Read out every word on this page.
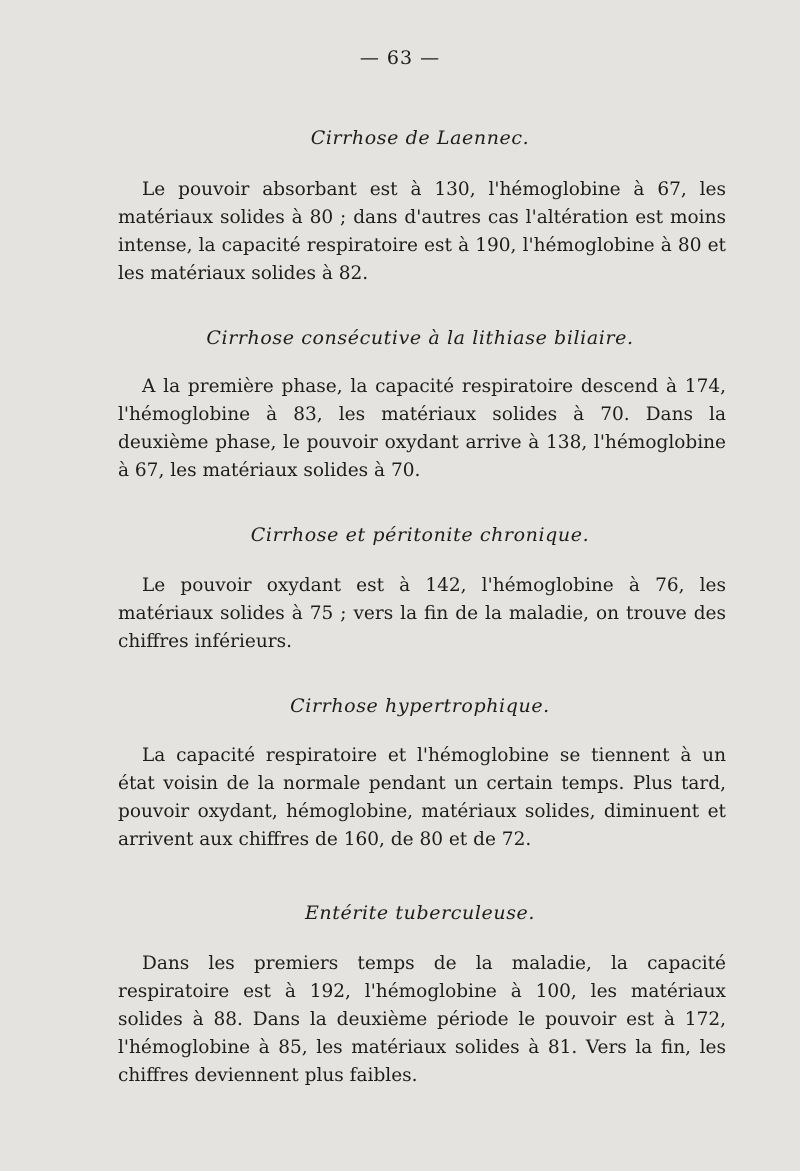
— 63 —
Cirrhose de Laennec.

Le pouvoir absorbant est à 130, l'hémoglobine à 67, les matériaux solides à 80 ; dans d'autres cas l'altération est moins intense, la capacité respiratoire est à 190, l'hémoglobine à 80 et les matériaux solides à 82.

Cirrhose consécutive à la lithiase biliaire.

A la première phase, la capacité respiratoire descend à 174, l'hémoglobine à 83, les matériaux solides à 70. Dans la deuxième phase, le pouvoir oxydant arrive à 138, l'hémoglobine à 67, les matériaux solides à 70.

Cirrhose et péritonite chronique.

Le pouvoir oxydant est à 142, l'hémoglobine à 76, les matériaux solides à 75 ; vers la fin de la maladie, on trouve des chiffres inférieurs.

Cirrhose hypertrophique.

La capacité respiratoire et l'hémoglobine se tiennent à un état voisin de la normale pendant un certain temps. Plus tard, pouvoir oxydant, hémoglobine, matériaux solides, diminuent et arrivent aux chiffres de 160, de 80 et de 72.

Entérite tuberculeuse.

Dans les premiers temps de la maladie, la capacité respiratoire est à 192, l'hémoglobine à 100, les matériaux solides à 88. Dans la deuxième période le pouvoir est à 172, l'hémoglobine à 85, les matériaux solides à 81. Vers la fin, les chiffres deviennent plus faibles.
